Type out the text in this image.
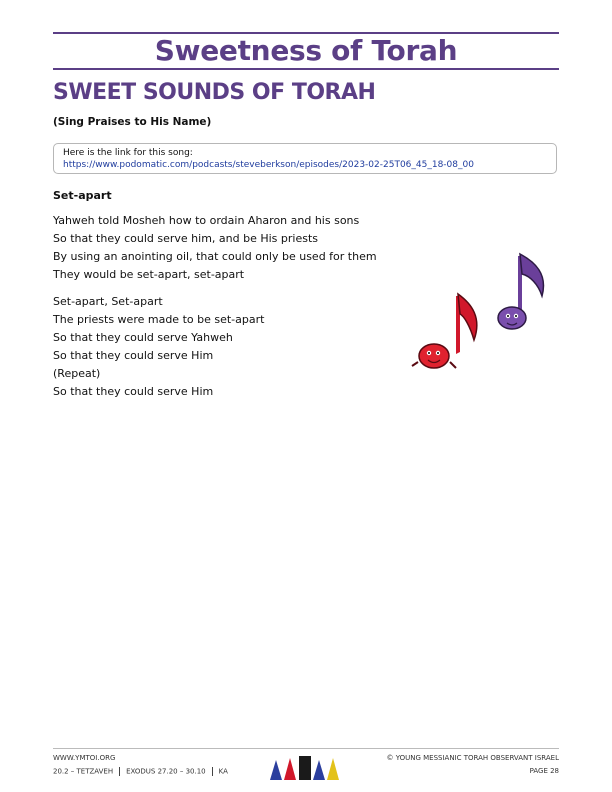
Sweetness of Torah
SWEET SOUNDS OF TORAH
(Sing Praises to His Name)
Here is the link for this song:
https://www.podomatic.com/podcasts/steveberkson/episodes/2023-02-25T06_45_18-08_00
Set-apart
Yahweh told Mosheh how to ordain Aharon and his sons
So that they could serve him, and be His priests
By using an anointing oil, that could only be used for them
They would be set-apart, set-apart
Set-apart, Set-apart
The priests were made to be set-apart
So that they could serve Yahweh
So that they could serve Him
(Repeat)
So that they could serve Him
WWW.YMTOI.ORG
20.2 – TETZAVEH EXODUS 27.20 – 30.10 KA
© YOUNG MESSIANIC TORAH OBSERVANT ISRAEL
PAGE 28
